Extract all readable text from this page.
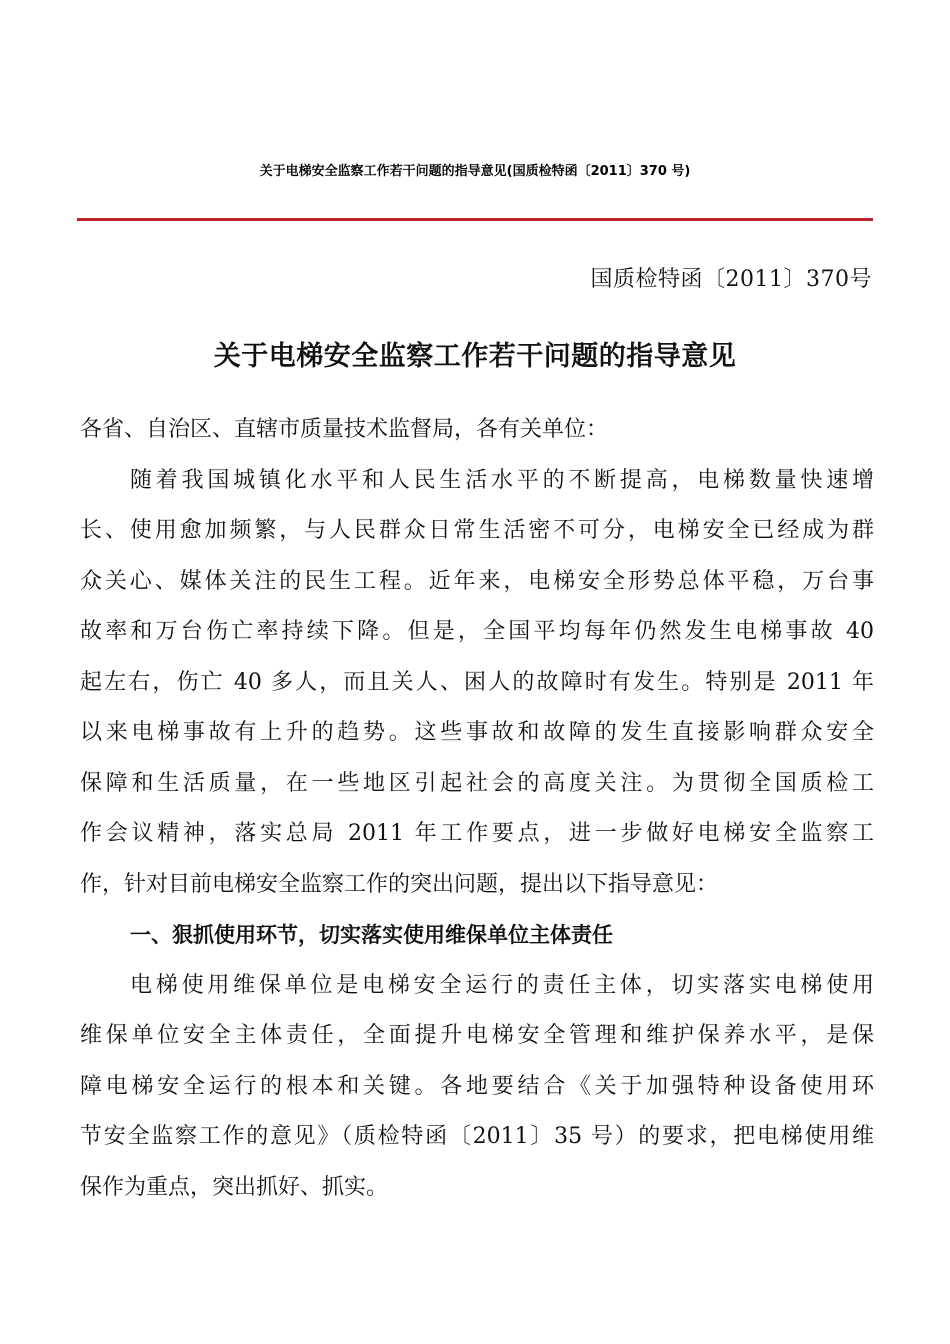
关于电梯安全监察工作若干问题的指导意见(国质检特函〔2011〕370 号)
国质检特函〔2011〕370号
关于电梯安全监察工作若干问题的指导意见
各省、自治区、直辖市质量技术监督局，各有关单位：
随着我国城镇化水平和人民生活水平的不断提高，电梯数量快速增
长、使用愈加频繁，与人民群众日常生活密不可分，电梯安全已经成为群
众关心、媒体关注的民生工程。近年来，电梯安全形势总体平稳，万台事
故率和万台伤亡率持续下降。但是，全国平均每年仍然发生电梯事故 40
起左右，伤亡 40 多人，而且关人、困人的故障时有发生。特别是 2011 年
以来电梯事故有上升的趋势。这些事故和故障的发生直接影响群众安全
保障和生活质量，在一些地区引起社会的高度关注。为贯彻全国质检工
作会议精神，落实总局 2011 年工作要点，进一步做好电梯安全监察工
作，针对目前电梯安全监察工作的突出问题，提出以下指导意见：
一、狠抓使用环节，切实落实使用维保单位主体责任
电梯使用维保单位是电梯安全运行的责任主体，切实落实电梯使用
维保单位安全主体责任，全面提升电梯安全管理和维护保养水平，是保
障电梯安全运行的根本和关键。各地要结合《关于加强特种设备使用环
节安全监察工作的意见》（质检特函〔2011〕35 号）的要求，把电梯使用维
保作为重点，突出抓好、抓实。
